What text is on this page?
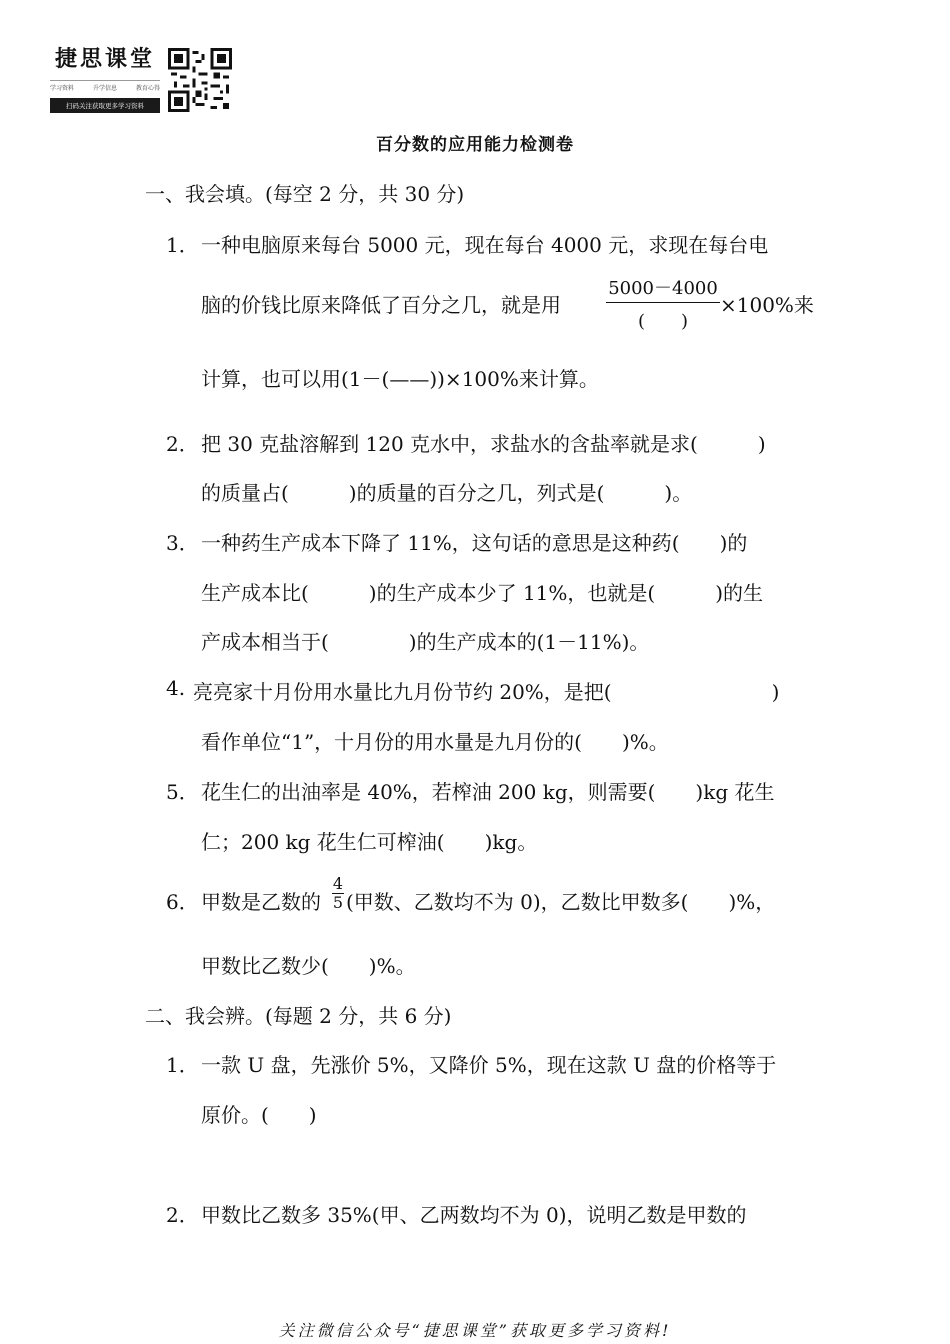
捷思课堂
学习资料	升学信息	教育心得
扫码关注获取更多学习资料
百分数的应用能力检测卷
一、我会填。(每空 2 分，共 30 分)
1． 一种电脑原来每台 5000 元，现在每台 4000 元，求现在每台电
脑的价钱比原来降低了百分之几，就是用
5000－4000
(　　)
×100%来
计算，也可以用(1－(——))×100%来计算。
2． 把 30 克盐溶解到 120 克水中，求盐水的含盐率就是求(　　　)
的质量占(　　　)的质量的百分之几，列式是(　　　)。
3． 一种药生产成本下降了 11%，这句话的意思是这种药(　　)的
生产成本比(　　　)的生产成本少了 11%，也就是(　　　)的生
产成本相当于(　　　　)的生产成本的(1－11%)。
4. 亮亮家十月份用水量比九月份节约 20%，是把(　　　　　　　　)
看作单位“1”，十月份的用水量是九月份的(　　)%。
5． 花生仁的出油率是 40%，若榨油 200 kg，则需要(　　)kg 花生
仁；200 kg 花生仁可榨油(　　)kg。
6． 甲数是乙数的 $\frac{4}{5}$ (甲数、乙数均不为 0)，乙数比甲数多(　　)%，
甲数比乙数少(　　)%。
二、我会辨。(每题 2 分，共 6 分)
1． 一款 U 盘，先涨价 5%，又降价 5%，现在这款 U 盘的价格等于
原价。(　　)
2． 甲数比乙数多 35%(甲、乙两数均不为 0)，说明乙数是甲数的
关注微信公众号“捷思课堂”获取更多学习资料!
